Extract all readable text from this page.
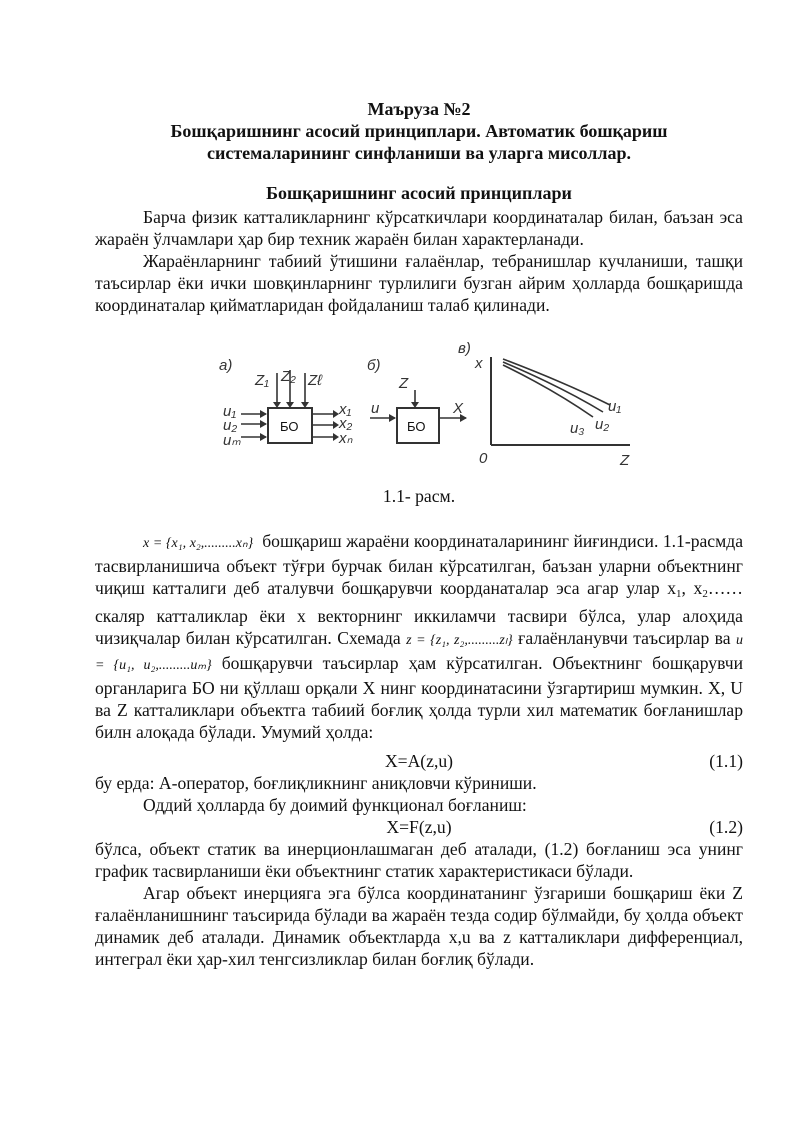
Маъруза №2
Бошқаришнинг асосий принциплари. Автоматик бошқариш
системаларининг синфланиши ва уларга мисоллар.
Бошқаришнинг асосий принциплари
Барча физик катталикларнинг кўрсаткичлари координаталар билан, баъзан эса жараён ўлчамлари ҳар бир техник жараён билан характерланади.
Жараёнларнинг табиий ўтишини ғалаёнлар, тебранишлар кучланиши, ташқи таъсирлар ёки ички шовқинларнинг турлилиги бузган айрим ҳолларда бошқаришда координаталар қийматларидан фойдаланиш талаб қилинади.
а)
Z₁ Z₂ Zℓ
u₁
u₂
uₘ
x₁
x₂
xₙ
б)
Z
u	X
в)
x
Z
0
u₁
u₂
u₃
БО	БО
1.1- расм.
x = {x₁, x₂,.........xₙ} бошқариш жараёни координаталарининг йиғиндиси. 1.1-расмда тасвирланишича объект тўғри бурчак билан кўрсатилган, баъзан уларни объектнинг чиқиш катталиги деб аталувчи бошқарувчи коорданаталар эса агар улар $x_1$, $x_2\dots\dots$ скаляр катталиклар ёки x векторнинг иккиламчи тасвири бўлса, улар алоҳида чизиқчалар билан кўрсатилган. Схемада z = {z₁, z₂,.........zₗ} ғалаёнланувчи таъсирлар ва u = {u₁, u₂,.........uₘ} бошқарувчи таъсирлар ҳам кўрсатилган. Объектнинг бошқарувчи органларига БО ни қўллаш орқали X нинг координатасини ўзгартириш мумкин. X, U ва Z катталиклари объектга табиий боғлиқ ҳолда турли хил математик боғланишлар билн алоқада бўлади. Умумий ҳолда:
X=A(z,u)	(1.1)
бу ерда: A-оператор, боғлиқликнинг аниқловчи кўриниши.
Оддий ҳолларда бу доимий функционал боғланиш:
X=F(z,u)	(1.2)
бўлса, объект статик ва инерционлашмаган деб аталади, (1.2) боғланиш эса унинг график тасвирланиши ёки объектнинг статик характеристикаси бўлади.
Агар объект инерцияга эга бўлса координатанинг ўзгариши бошқариш ёки Z ғалаёнланишнинг таъсирида бўлади ва жараён тезда содир бўлмайди, бу ҳолда объект динамик деб аталади. Динамик объектларда x,u ва z катталиклари дифференциал, интеграл ёки ҳар-хил тенгсизликлар билан боғлиқ бўлади.
